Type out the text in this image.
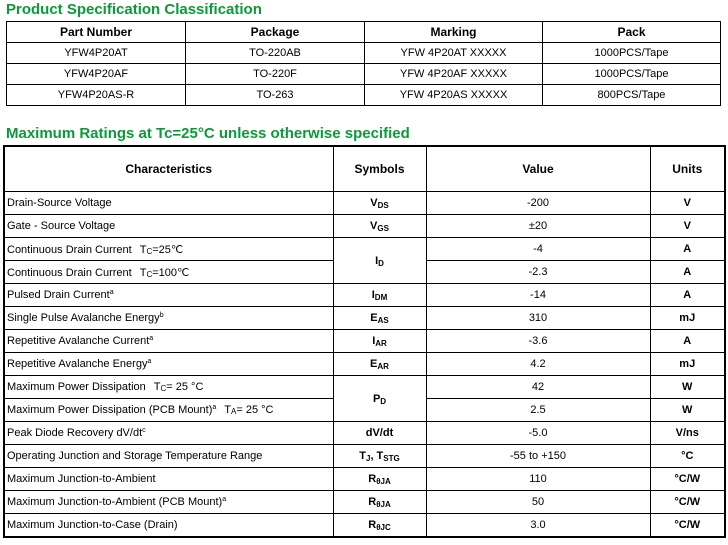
Product Specification Classification
Part Number	Package	Marking	Pack
YFW4P20AT	TO-220AB	YFW 4P20AT XXXXX	1000PCS/Tape
YFW4P20AF	TO-220F	YFW 4P20AF XXXXX	1000PCS/Tape
YFW4P20AS-R	TO-263	YFW 4P20AS XXXXX	800PCS/Tape
Maximum Ratings at Tc=25°C unless otherwise specified
Characteristics	Symbols	Value	Units
Drain-Source Voltage	$V_{DS}$	-200	V
Gate - Source Voltage	$V_{GS}$	±20	V
Continuous Drain Current TC=25℃	$I_D$	-4	A
Continuous Drain Current TC=100℃		-2.3	A
Pulsed Drain Current$^a$	$I_{DM}$	-14	A
Single Pulse Avalanche Energy$^b$	$E_{AS}$	310	mJ
Repetitive Avalanche Current$^a$	$I_{AR}$	-3.6	A
Repetitive Avalanche Energy$^a$	$E_{AR}$	4.2	mJ
Maximum Power Dissipation TC= 25 °C	$P_D$	42	W
Maximum Power Dissipation (PCB Mount)$^a$ TA= 25 °C		2.5	W
Peak Diode Recovery $dV/dt^c$	dV/dt	-5.0	V/ns
Operating Junction and Storage Temperature Range	$T_J$, $T_{STG}$	-55 to +150	°C
Maximum Junction-to-Ambient	$R_{\theta JA}$	110	°C/W
Maximum Junction-to-Ambient (PCB Mount)$^a$	$R_{\theta JA}$	50	°C/W
Maximum Junction-to-Case (Drain)	$R_{\theta JC}$	3.0	°C/W
